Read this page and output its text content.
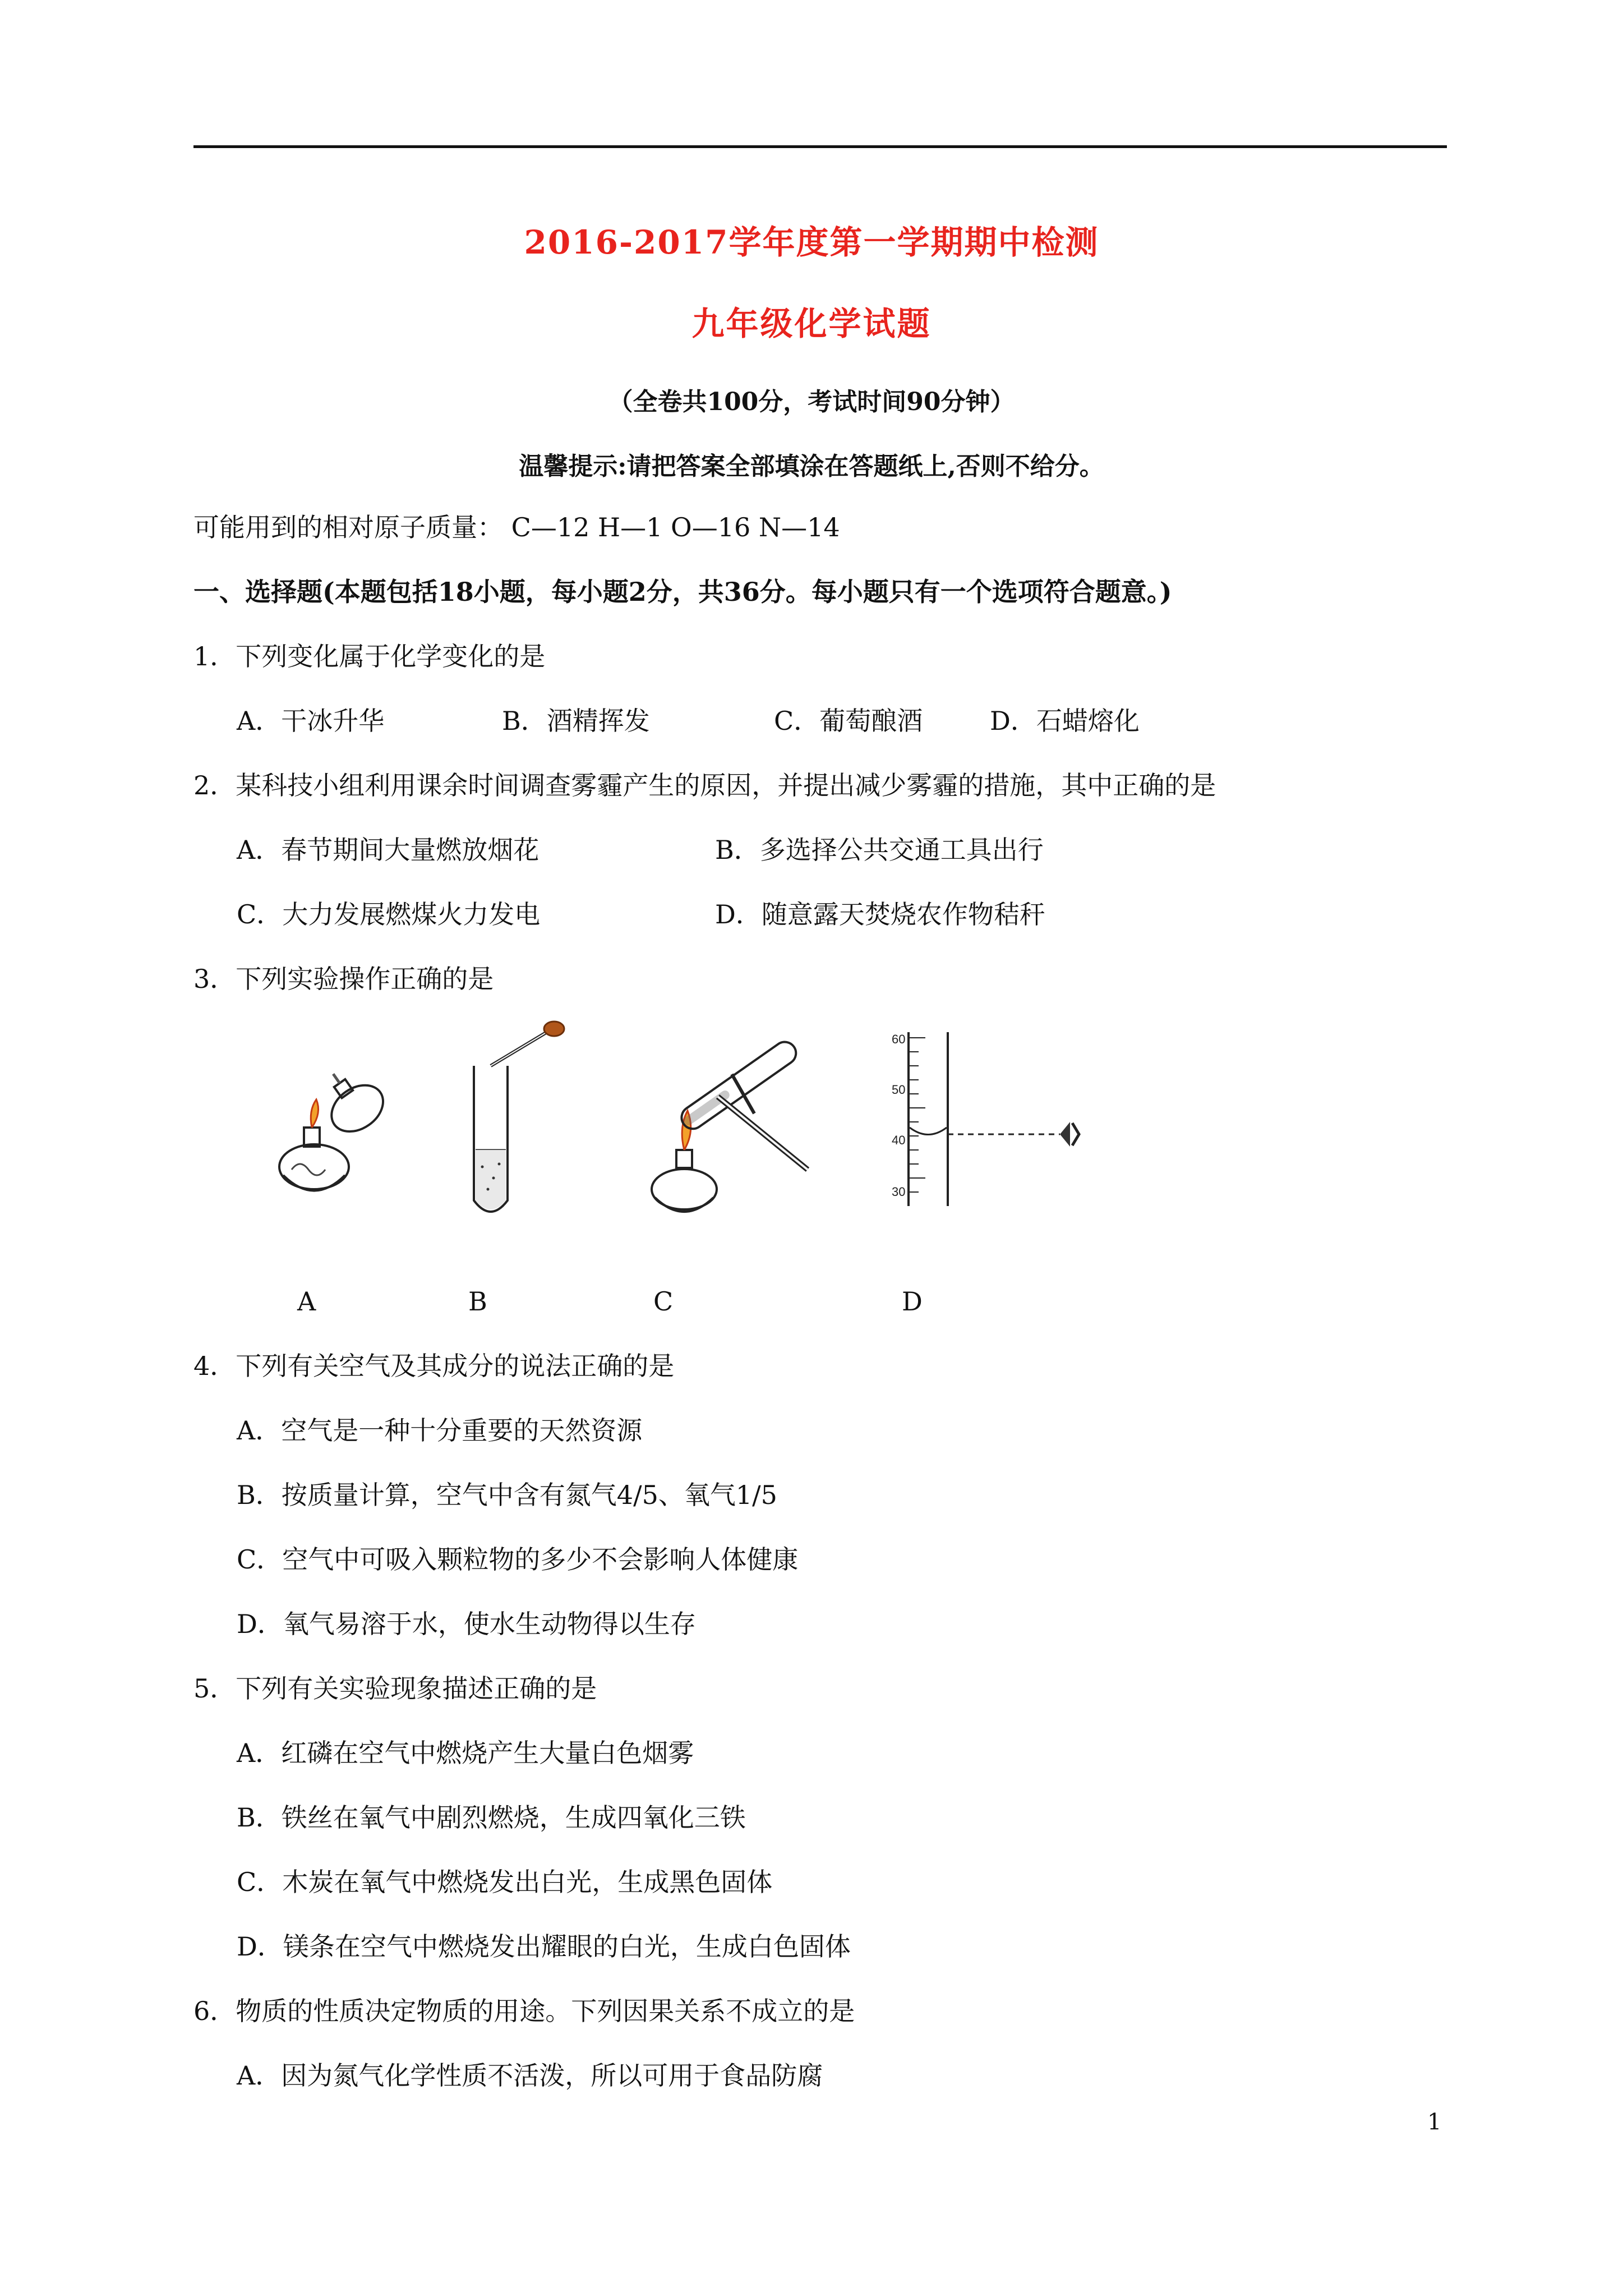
2016-2017学年度第一学期期中检测
九年级化学试题
（全卷共100分，考试时间90分钟）
温馨提示:请把答案全部填涂在答题纸上,否则不给分。
可能用到的相对原子质量： C—12 H—1 O—16 N—14
一、选择题(本题包括18小题，每小题2分，共36分。每小题只有一个选项符合题意。)
1．下列变化属于化学变化的是
A．干冰升华	B．酒精挥发	C．葡萄酿酒	D．石蜡熔化
2．某科技小组利用课余时间调查雾霾产生的原因，并提出减少雾霾的措施，其中正确的是
A．春节期间大量燃放烟花	B．多选择公共交通工具出行
C．大力发展燃煤火力发电	D．随意露天焚烧农作物秸秆
3．下列实验操作正确的是
60
50
40
30
A	B	C	D
4．下列有关空气及其成分的说法正确的是
A．空气是一种十分重要的天然资源
B．按质量计算，空气中含有氮气4/5、氧气1/5
C．空气中可吸入颗粒物的多少不会影响人体健康
D．氧气易溶于水，使水生动物得以生存
5．下列有关实验现象描述正确的是
A．红磷在空气中燃烧产生大量白色烟雾
B．铁丝在氧气中剧烈燃烧，生成四氧化三铁
C．木炭在氧气中燃烧发出白光，生成黑色固体
D．镁条在空气中燃烧发出耀眼的白光，生成白色固体
6．物质的性质决定物质的用途。下列因果关系不成立的是
A．因为氮气化学性质不活泼，所以可用于食品防腐
1
